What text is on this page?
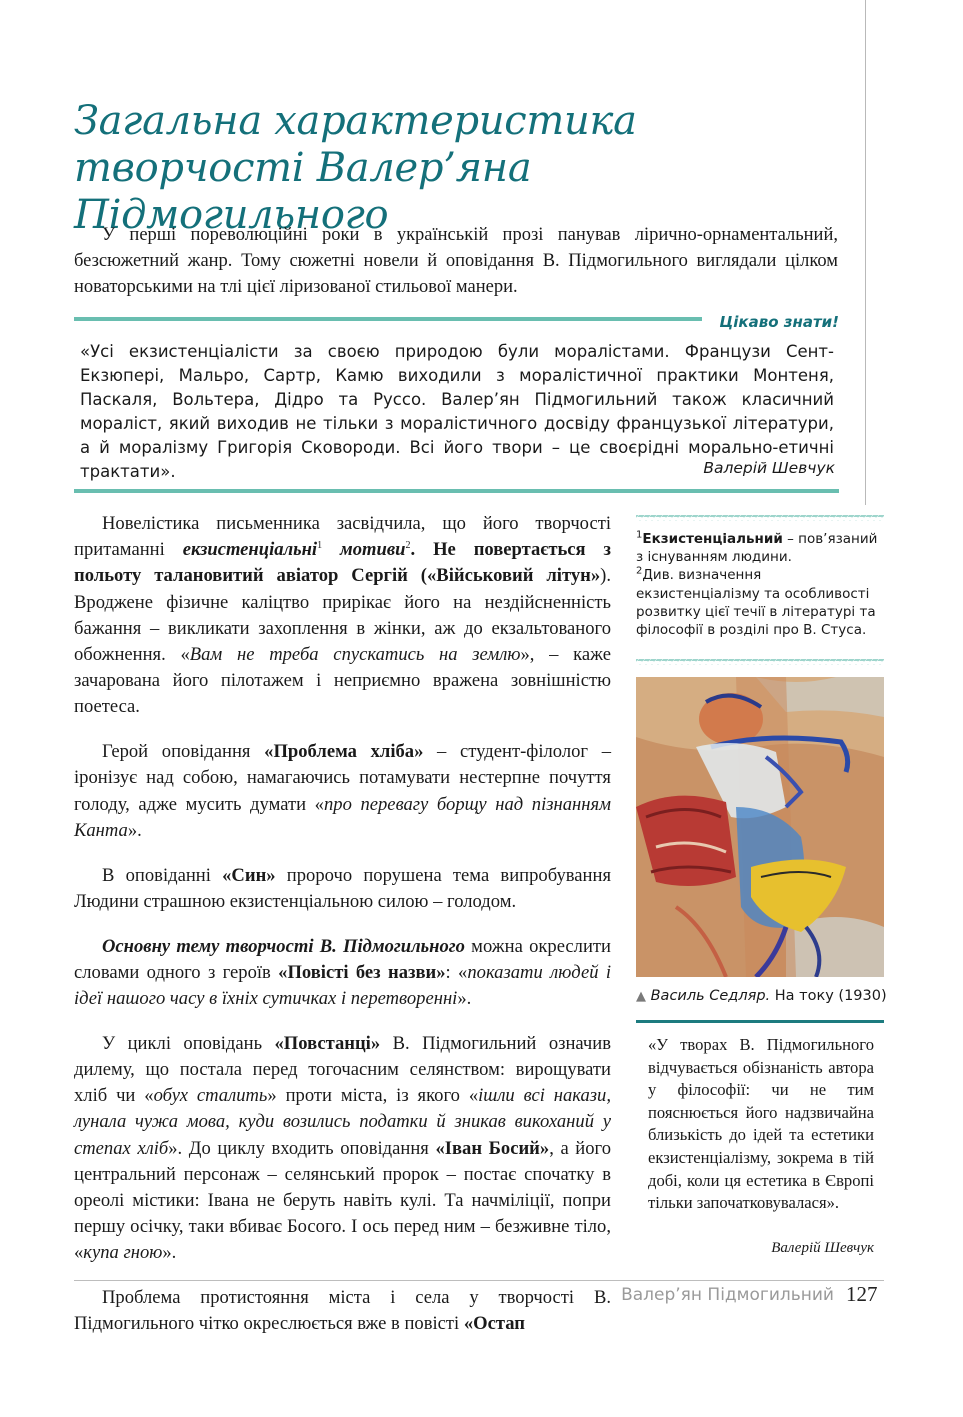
Загальна характеристика
творчості Валер’яна Підмогильного

У перші пореволюційні роки в українській прозі панував лірично-орнаментальний, безсюжетний жанр. Тому сюжетні новели й оповідання В. Підмогильного виглядали цілком новаторськими на тлі цієї ліризованої стильової манери.

Цікаво знати!
«Усі екзистенціалісти за своєю природою були моралістами. Французи Сент-Екзюпері, Мальро, Сартр, Камю виходили з моралістичної практики Монтеня, Паскаля, Вольтера, Дідро та Руссо. Валер’ян Підмогильний також класичний мораліст, який виходив не тільки з моралістичного досвіду французької літератури, а й моралізму Григорія Сковороди. Всі його твори – це своєрідні морально-етичні трактати».	Валерій Шевчук

Новелістика письменника засвідчила, що його творчості притаманні екзистенціальні$^1$ мотиви$^2$. Не повертається з польоту талановитий авіатор Сергій («Військовий літун»). Вроджене фізичне каліцтво прирікає його на нездійсненність бажання – викликати захоплення в жінки, аж до екзальтованого обожнення. «Вам не треба спускатись на землю», – каже зачарована його пілотажем і неприємно вражена зовнішністю поетеса.

Герой оповідання «Проблема хліба» – студент-філолог – іронізує над собою, намагаючись потамувати нестерпне почуття голоду, адже мусить думати «про перевагу борщу над пізнанням Канта».

В оповіданні «Син» пророчо порушена тема випробування Людини страшною екзистенціальною силою – голодом.

Основну тему творчості В. Підмогильного можна окреслити словами одного з героїв «Повісті без назви»: «показати людей і ідеї нашого часу в їхніх сутичках і перетворенні».

У циклі оповідань «Повстанці» В. Підмогильний означив дилему, що постала перед тогочасним селянством: вирощувати хліб чи «обух сталить» проти міста, із якого «ішли всі накази, лунала чужа мова, куди возились податки й зникав викоханий у степах хліб». До циклу входить оповідання «Іван Босий», а його центральний персонаж – селянський пророк – постає спочатку в ореолі містики: Івана не беруть навіть кулі. Та начміліції, попри першу осічку, таки вбиває Босого. І ось перед ним – безживне тіло, «купа гною».

Проблема протистояння міста і села у творчості В. Підмогильного чітко окреслюється вже в повісті «Остап

$^1$Екзистенціальний – пов’язаний з існуванням людини.

$^2$Див. визначення екзистенціалізму та особливості розвитку цієї течії в літературі та філософії в розділі про В. Стуса.

▲ Василь Седляр. На току (1930)
«У творах В. Підмогильного відчувається обізнаність автора у філософії: чи не тим пояснюється його надзвичайна близькість до ідей та естетики екзистенціалізму, зокрема в тій добі, коли ця естетика в Європі тільки започатковувалася».
Валерій Шевчук
Валер’ян Підмогильний 127
